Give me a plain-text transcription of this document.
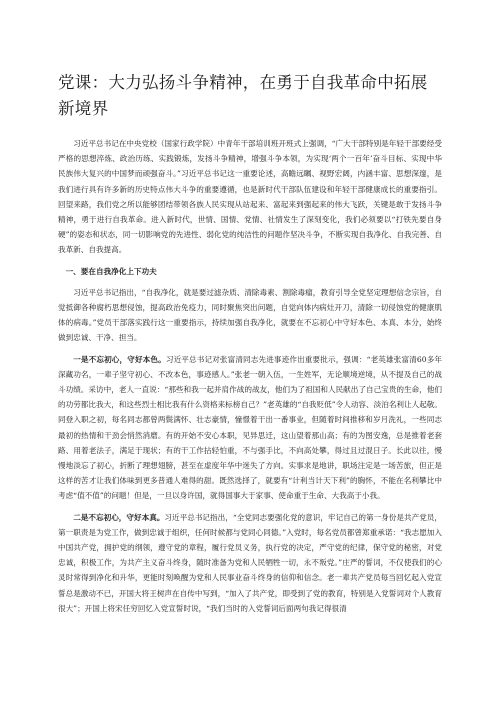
党课：大力弘扬斗争精神，在勇于自我革命中拓展新境界

习近平总书记在中央党校（国家行政学院）中青年干部培训班开班式上强调，“广大干部特别是年轻干部要经受严格的思想淬炼、政治历练、实践锻炼，发扬斗争精神，增强斗争本领，为实现‘两个一百年’奋斗目标、实现中华民族伟大复兴的中国梦而顽强奋斗。”习近平总书记这一重要论述，高瞻远瞩、视野宏阔，内涵丰富、思想深邃，是我们进行具有许多新的历史特点伟大斗争的重要遵循，也是新时代干部队伍建设和年轻干部健康成长的重要指引。回望来路，我们党之所以能够团结带领各族人民实现从站起来、富起来到强起来的伟大飞跃，关键是敢于发扬斗争精神，勇于进行自我革命。进入新时代，世情、国情、党情、社情发生了深刻变化，我们必须要以“打铁先要自身硬”的姿态和状态，同一切影响党的先进性、弱化党的纯洁性的问题作坚决斗争，不断实现自我净化、自我完善、自我革新、自我提高。

一、要在自我净化上下功夫

习近平总书记指出，“自我净化，就是要过滤杂质、清除毒素、割除毒瘤，教育引导全党坚定理想信念宗旨，自觉抵御各种腐朽思想侵蚀，提高政治免疫力，同时聚焦突出问题，自觉向体内病灶开刀，清除一切侵蚀党的健康肌体的病毒。”党员干部落实践行这一重要指示，持续加强自我净化，就要在不忘初心中守好本色、本真、本分，始终做到忠诚、干净、担当。

一是不忘初心，守好本色。习近平总书记对张富清同志先进事迹作出重要批示，强调：“老英雄张富清60多年深藏功名，一辈子坚守初心、不改本色，事迹感人。”张老一朝入伍，一生姓军，无论顺境逆境，从不提及自己的战斗功绩。采访中，老人一直说：“那些和我一起并肩作战的战友，他们为了祖国和人民献出了自己宝贵的生命，他们的功劳都比我大，和这些烈士相比我有什么资格来标榜自己？”老英雄的“自我贬低”令人动容、淡泊名利让人起敬。同登入职之初，每名同志都曾两鬓满怀、壮志豪情，憧憬着干出一番事业，但随着时间推移和岁月洗礼，一些同志最初的热情和干劲会悄然消磨。有的开始不安心本职，见异思迁，这山望着那山高；有的为图安逸，总是推着老套路、用着老法子，满足于现状；有的干工作拈轻怕重，不与强手比，不向高处攀，得过且过混日子。长此以往，慢慢地淡忘了初心，折断了理想翅膀，甚至在虚度年华中迷失了方向。实事求是地讲，职场注定是一场苦旅，但正是这样的苦才让我们体味到更多普通人难得的甜。既然选择了，就要有“计利当计天下利”的胸怀，不能在名利攀比中考虑“值不值”的问题！但是，一旦以身许国，就得国事大于家事、使命重于生命、大我高于小我。

二是不忘初心，守好本真。习近平总书记指出，“全党同志要强化党的意识，牢记自己的第一身份是共产党员，第一职责是为党工作，做到忠诚于组织，任何时候都与党同心同德。”入党时，每名党员都曾郑重承诺：“我志愿加入中国共产党，拥护党的纲领，遵守党的章程，履行党员义务，执行党的决定，严守党的纪律，保守党的秘密，对党忠诚，积极工作，为共产主义奋斗终身，随时准备为党和人民牺牲一切，永不叛党。”庄严的誓词，不仅使我们的心灵时常得到净化和升华，更能时刻唤醒为党和人民事业奋斗终身的信仰和信念。老一辈共产党员每当回忆起入党宣誓总是激动不已，开国大将王树声在自传中写到，“加入了共产党，即受到了党的教育，特别是入党誓词对个人教育很大”；开国上将宋任穷回忆入党宣誓时说，“我们当时的入党誓词后面两句我记得很清
